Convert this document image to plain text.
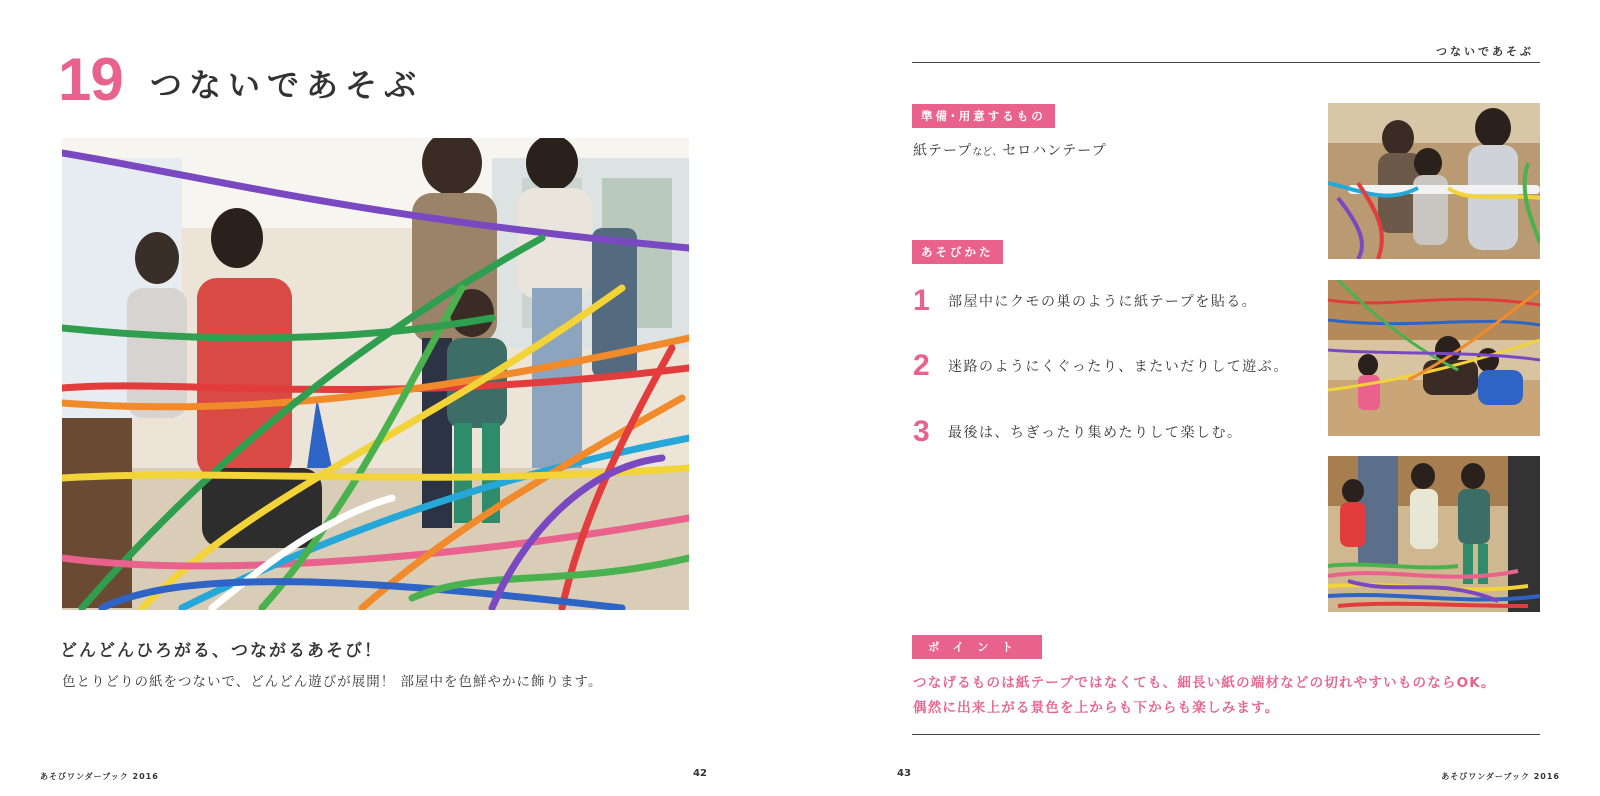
19 つないであそぶ
どんどんひろがる、つながるあそび！
色とりどりの紙をつないで、どんどん遊びが展開！ 部屋中を色鮮やかに飾ります。
あそびワンダーブック 2016	42
つないであそぶ
準備･用意するもの
紙テープなど、セロハンテープ
あそびかた
1	部屋中にクモの巣のように紙テープを貼る。
2	迷路のようにくぐったり、またいだりして遊ぶ。
3	最後は、ちぎったり集めたりして楽しむ。
ポイント
つなげるものは紙テープではなくても、細長い紙の端材などの切れやすいものならOK。
偶然に出来上がる景色を上からも下からも楽しみます。
43	あそびワンダーブック 2016
